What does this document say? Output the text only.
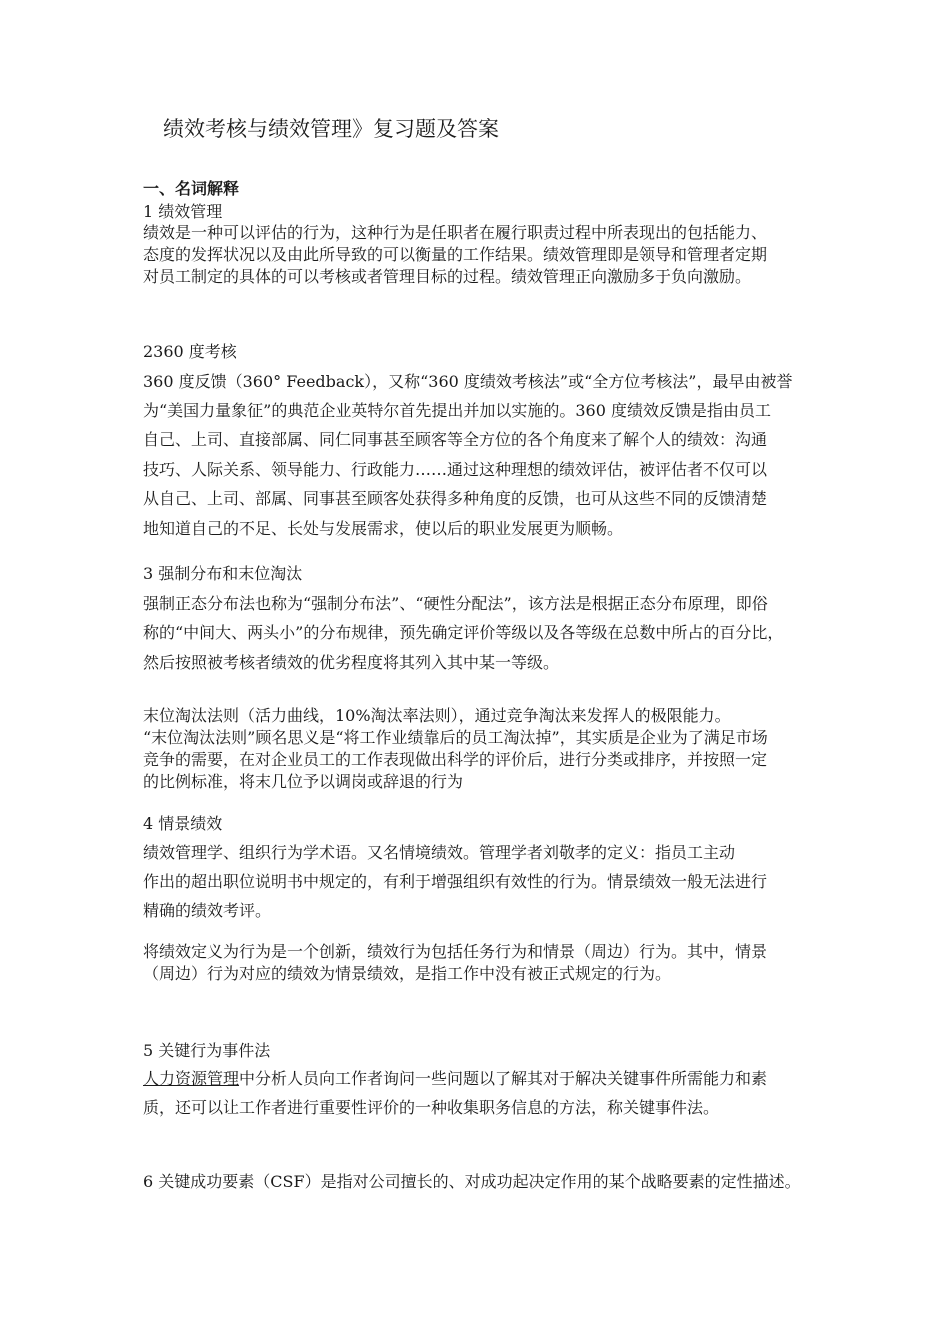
绩效考核与绩效管理》复习题及答案
一、名词解释
1 绩效管理
绩效是一种可以评估的行为，这种行为是任职者在履行职责过程中所表现出的包括能力、
态度的发挥状况以及由此所导致的可以衡量的工作结果。绩效管理即是领导和管理者定期
对员工制定的具体的可以考核或者管理目标的过程。绩效管理正向激励多于负向激励。
2360 度考核
360 度反馈（360° Feedback），又称“360 度绩效考核法”或“全方位考核法”，最早由被誉
为“美国力量象征”的典范企业英特尔首先提出并加以实施的。360 度绩效反馈是指由员工
自己、上司、直接部属、同仁同事甚至顾客等全方位的各个角度来了解个人的绩效：沟通
技巧、人际关系、领导能力、行政能力……通过这种理想的绩效评估，被评估者不仅可以
从自己、上司、部属、同事甚至顾客处获得多种角度的反馈，也可从这些不同的反馈清楚
地知道自己的不足、长处与发展需求，使以后的职业发展更为顺畅。
3 强制分布和末位淘汰
强制正态分布法也称为“强制分布法”、“硬性分配法”，该方法是根据正态分布原理，即俗
称的“中间大、两头小”的分布规律，预先确定评价等级以及各等级在总数中所占的百分比，
然后按照被考核者绩效的优劣程度将其列入其中某一等级。
末位淘汰法则（活力曲线，10%淘汰率法则），通过竞争淘汰来发挥人的极限能力。
“末位淘汰法则”顾名思义是“将工作业绩靠后的员工淘汰掉”，其实质是企业为了满足市场
竞争的需要，在对企业员工的工作表现做出科学的评价后，进行分类或排序，并按照一定
的比例标准，将末几位予以调岗或辞退的行为
4 情景绩效
绩效管理学、组织行为学术语。又名情境绩效。管理学者刘敬孝的定义：指员工主动
作出的超出职位说明书中规定的，有利于增强组织有效性的行为。情景绩效一般无法进行
精确的绩效考评。
将绩效定义为行为是一个创新，绩效行为包括任务行为和情景（周边）行为。其中，情景
（周边）行为对应的绩效为情景绩效，是指工作中没有被正式规定的行为。
5 关键行为事件法
人力资源管理中分析人员向工作者询问一些问题以了解其对于解决关键事件所需能力和素
质，还可以让工作者进行重要性评价的一种收集职务信息的方法，称关键事件法。
6 关键成功要素（CSF）是指对公司擅长的、对成功起决定作用的某个战略要素的定性描述。
